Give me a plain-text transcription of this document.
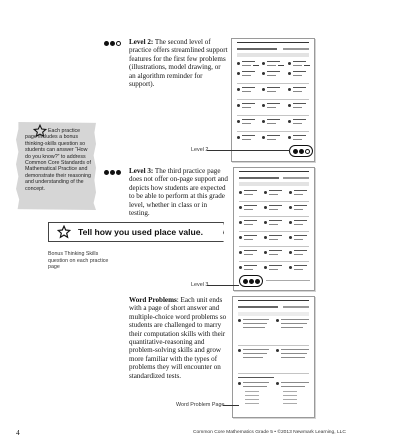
Level 2: The second level of practice offers streamlined support features for the first few problems (illustrations, model drawing, or an algorithm reminder for support).
Level 2
Each practice page includes a bonus thinking-skills question so students can answer “How do you know?” to address Common Core Standards of Mathematical Practice and demonstrate their reasoning and understanding of the concept.
Level 3: The third practice page does not offer on-page support and depicts how students are expected to be able to perform at this grade level, whether in class or in testing.
Level 3
Tell how you used place value.
Bonus Thinking Skills question on each practice page
Word Problems: Each unit ends with a page of short answer and multiple-choice word problems so students are challenged to marry their computation skills with their quantitative-reasoning and problem-solving skills and grow more familiar with the types of problems they will encounter on standardized tests.
Word Problem Page
4	Common Core Mathematics Grade 5 • ©2013 Newmark Learning, LLC
